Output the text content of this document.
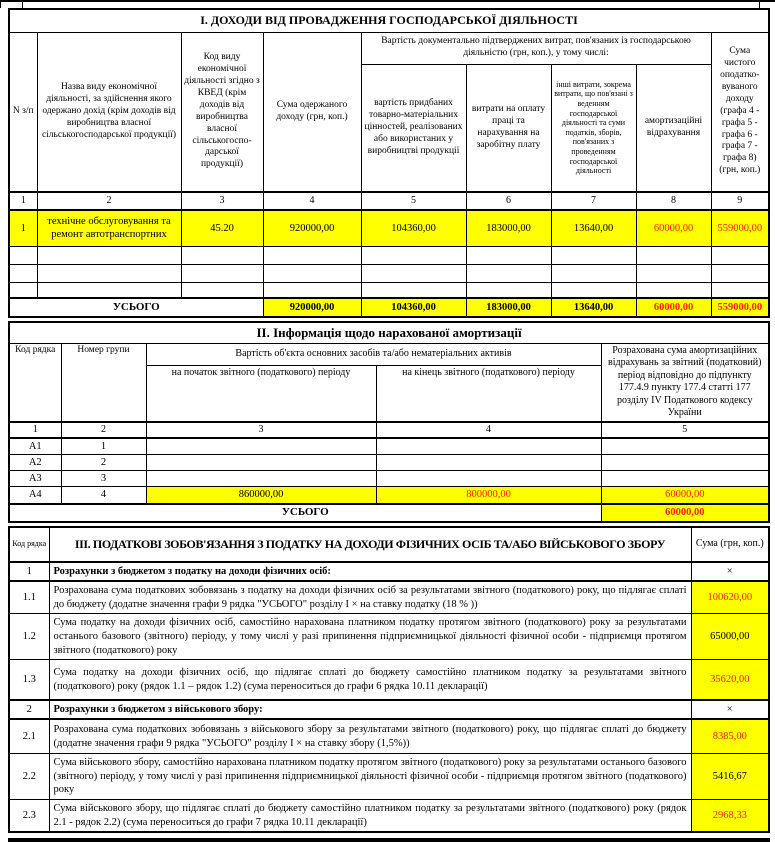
І. ДОХОДИ ВІД ПРОВАДЖЕННЯ ГОСПОДАРСЬКОЇ ДІЯЛЬНОСТІ								
N з/п	Назва виду економічної діяльності, за здійснення якого одержано дохід (крім доходів від виробництва власної сільськогосподарської продукції)	Код виду економічної діяльності згідно з КВЕД (крім доходів від виробництва власної сільськогоспо-дарської продукції)	Сума одержаного доходу (грн, коп.)	Вартість документально підтверджених витрат, пов'язаних із господарською діяльністю (грн, коп.), у тому числі:				Сума чистого оподатко-вуваного доходу (графа 4 - графа 5 - графа 6 - графа 7 - графа 8) (грн, коп.)
				вартість придбаних товарно-матеріальних цінностей, реалізованих або використаних у виробництві продукції	витрати на оплату праці та нарахування на заробітну плату	інші витрати, зокрема витрати, що пов'язані з веденням господарської діяльності та суми податків, зборів, пов'язаних з проведенням господарської діяльності	амортизаційні відрахування	
1	2	3	4	5	6	7	8	9
1	технічне обслуговування та ремонт автотранспортних	45.20	920000,00	104360,00	183000,00	13640,00	60000,00	559000,00

УСЬОГО			920000,00	104360,00	183000,00	13640,00	60000,00	559000,00
ІІ. Інформація щодо нарахованої амортизації				
Код рядка	Номер групи	Вартість об'єкта основних засобів та/або нематеріальних активів		Розрахована сума амортизаційних відрахувань за звітний (податковий) період відповідно до підпункту 177.4.9 пункту 177.4 статті 177 розділу IV Податкового кодексу України
		на початок звітного (податкового) періоду	на кінець звітного (податкового) періоду	
1	2	3	4	5
А1	1			
А2	2			
А3	3			
А4	4	860000,00	800000,00	60000,00
УСЬОГО				60000,00
Код рядка	ІІІ. ПОДАТКОВІ ЗОБОВ'ЯЗАННЯ З ПОДАТКУ НА ДОХОДИ ФІЗИЧНИХ ОСІБ ТА/АБО ВІЙСЬКОВОГО ЗБОРУ	Сума (грн, коп.)
1	Розрахунки з бюджетом з податку на доходи фізичних осіб:	×
1.1	Розрахована сума податкових зобовязань з податку на доходи фізичних осіб за результатами звітного (податкового) року, що підлягає сплаті до бюджету (додатне значення графи 9 рядка "УСЬОГО" розділу І × на ставку податку (18 % ))	100620,00
1.2	Сума податку на доходи фізичних осіб, самостійно нарахована платником податку протягом звітного (податкового) року за результатами останього базового (звітного) періоду, у тому числі у разі припинення підприємницької діяльності фізичної особи - підприємця протягом звітного (податкового) року	65000,00
1.3	Сума податку на доходи фізичних осіб, що підлягає сплаті до бюджету самостійно платником податку за результатами звітного (податкового) року (рядок 1.1 – рядок 1.2) (сума переноситься до графи 6 рядка 10.11 декларації)	35620,00
2	Розрахунки з бюджетом з військового збору:	×
2.1	Розрахована сума податкових зобовязань з військового збору за результатами звітного (податкового) року, що підлягає сплаті до бюджету (додатне значення графи 9 рядка "УСЬОГО" розділу І × на ставку збору (1,5%))	8385,00
2.2	Сума військового збору, самостійно нарахована платником податку протягом звітного (податкового) року за результатами останього базового (звітного) періоду, у тому числі у разі припинення підприємницької діяльності фізичної особи - підприємця протягом звітного (податкового) року	5416,67
2.3	Сума військового збору, що підлягає сплаті до бюджету самостійно платником податку за результатами звітного (податкового) року (рядок 2.1 - рядок 2.2) (сума переноситься до графи 7 рядка 10.11 декларації)	2968,33
